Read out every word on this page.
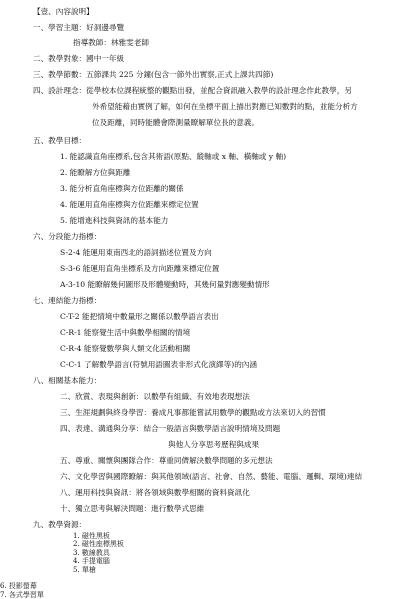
【壹、內容說明】
一、學習主題：好洞邊尋覽
指導教師：林雅雯老師
二、教學對象：國中一年級
三、教學節數：五節課共 225 分鐘(包含一節外出實察,正式上課共四節)
四、設計理念：從學校本位課程統整的觀點出發，並配合資訊融入教學的設計理念作此教學，另
外希望能藉由實例了解，如何在坐標平面上描出對應已知數對的點，並能分析方
位及距離，同時能體會際測量瞭解單位長的意義。
五、教學目標：
1. 能認識直角座標系,包含其術語(原點、縱軸或 x 軸、橫軸或 y 軸)
2. 能瞭解方位與距離
3. 能分析直角座標與方位距離的關係
4. 能運用直角座標與方位距離來標定位置
5. 能增進科技與資訊的基本能力
六、分段能力指標：
S-2-4 能運用東南西北的語詞描述位置及方向
S-3-6 能運用直角坐標系及方向距離來標定位置
A-3-10 能瞭解幾何圖形及形體變動時，其幾何量對應變動情形
七、連結能力指標：
C-T-2 能把情境中數量形之關係以數學語言表出
C-R-1 能察覺生活中與數學相關的情境
C-R-4 能察覺數學與人類文化活動相關
C-C-1 了解數學語言(符號用語圖表非形式化演繹等)的內涵
八、相關基本能力：
二、欣賞、表現與創新：以數學有組織、有效地表現想法
三、生涯規劃與終身學習：養成凡事都能嘗試用數學的觀點或方法來切入的習慣
四、表達、溝通與分享：結合一般語言與數學語言說明情境及問題
與他人分享思考歷程與成果
五、尊重、關懷與團隊合作：尊重同儕解決數學問題的多元想法
六、文化學習與國際瞭解：與其他領域(語言、社會、自然、藝能、電腦、邏輯、環境)連結
八、運用科技與資訊：將各領域與數學相關的資料資訊化
十、獨立思考與解決問題：進行數學式思維
九、教學資源：
1. 磁性黑板
2. 磁性座標黑板
3. 數線教具
4. 手提電腦
5. 單槍
6. 投影螢幕
7. 各式學習單
